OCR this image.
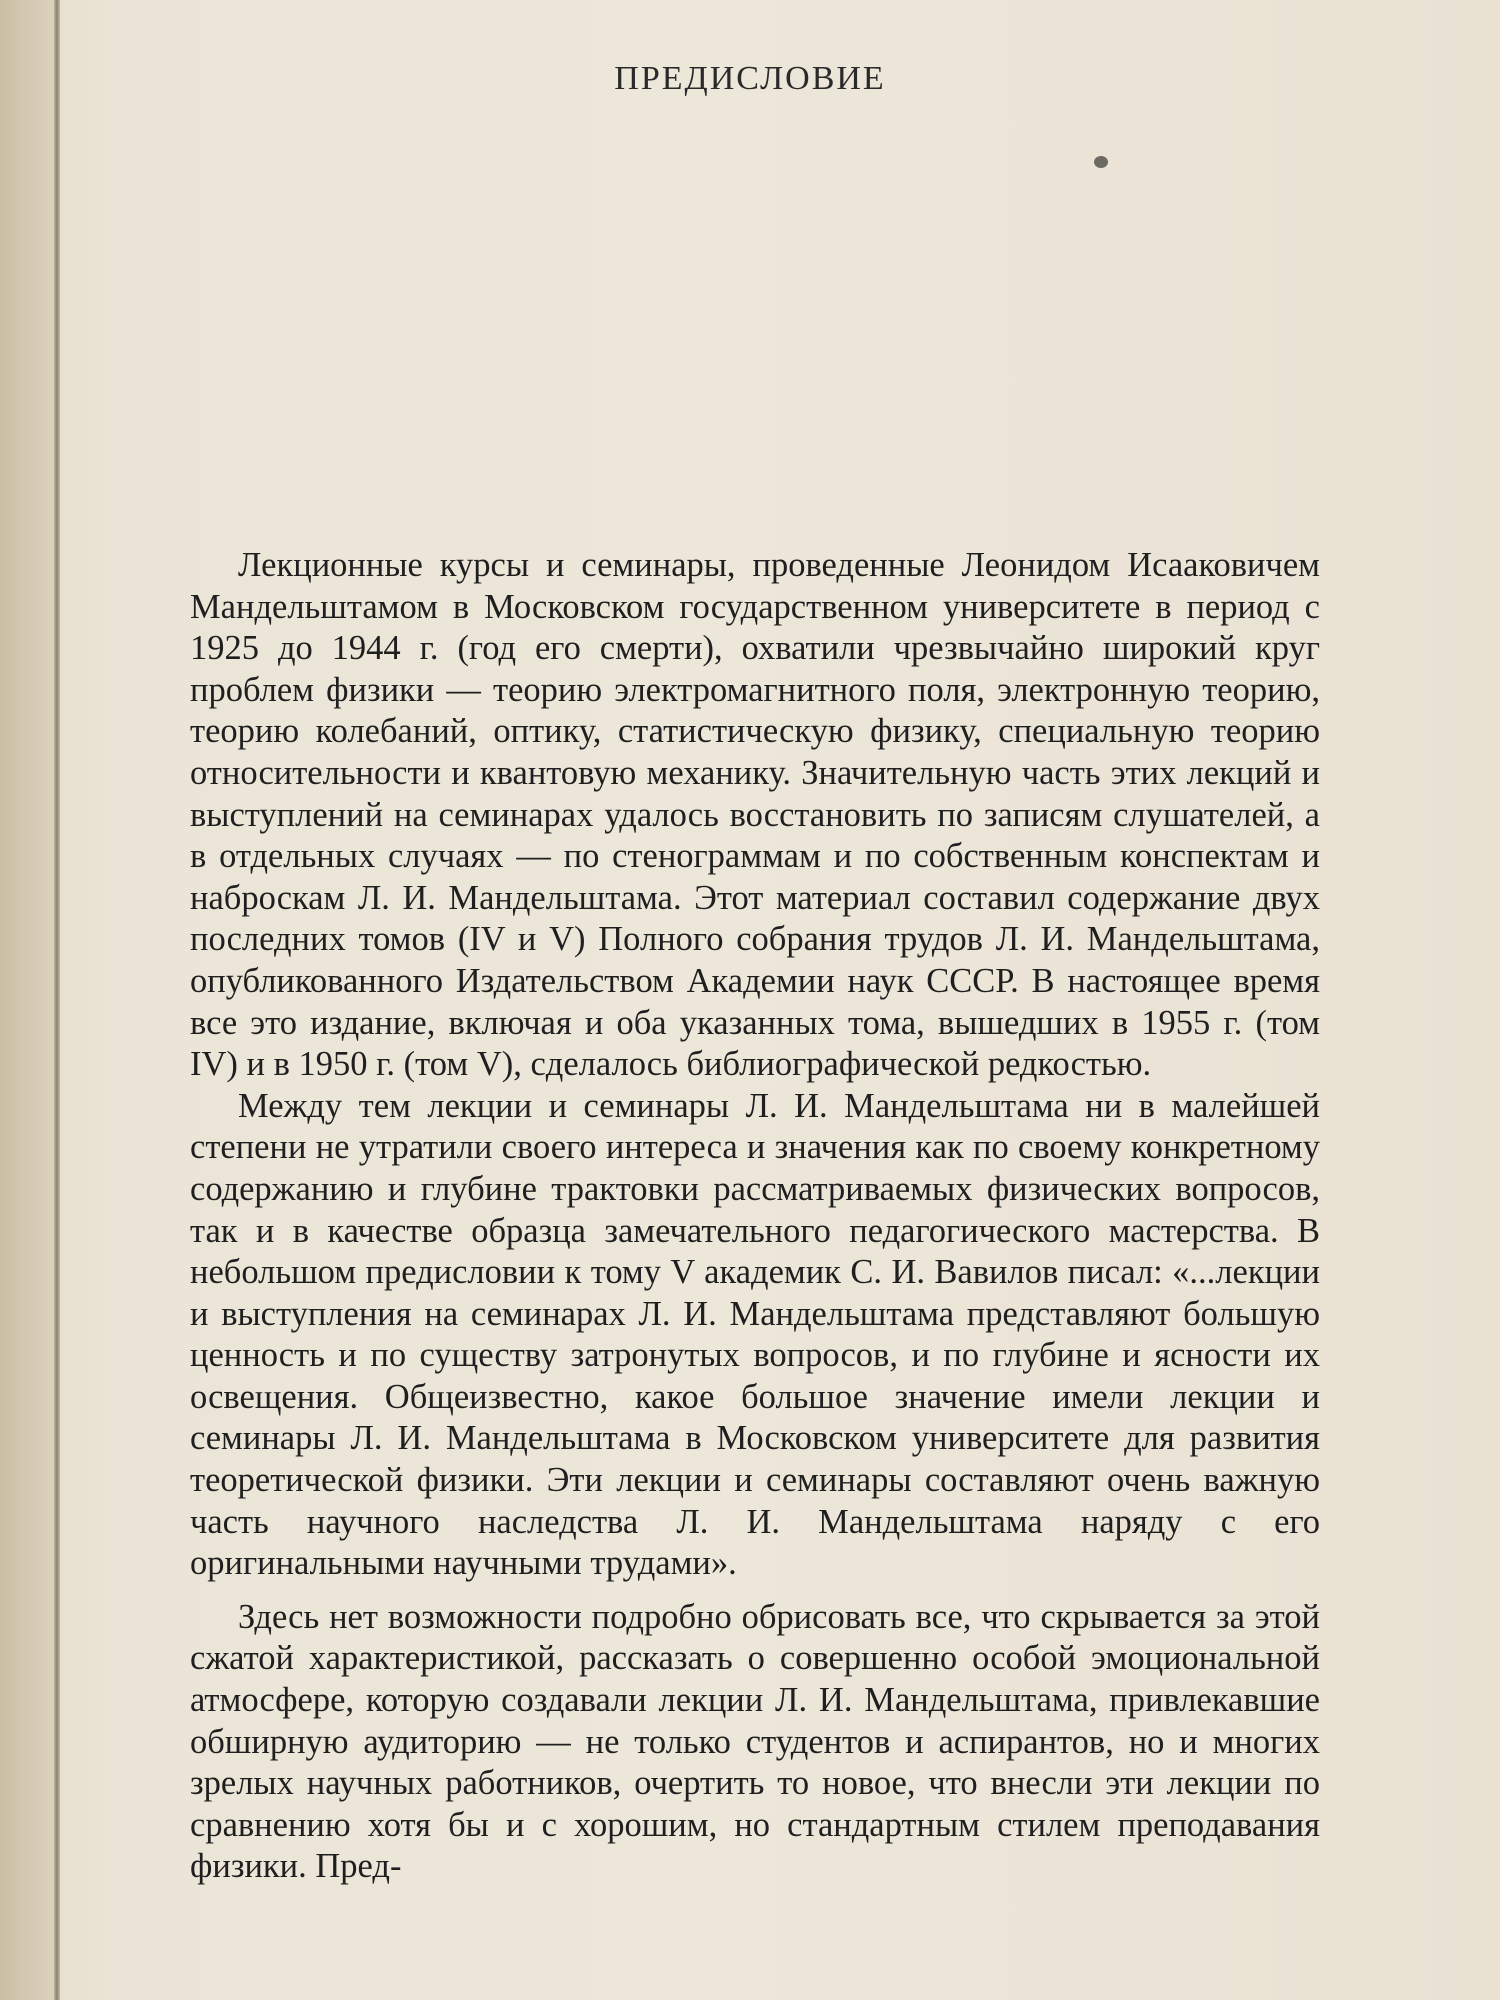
ПРЕДИСЛОВИЕ

Лекционные курсы и семинары, проведенные Леонидом Исааковичем Мандельштамом в Московском государственном университете в период с 1925 до 1944 г. (год его смерти), охватили чрезвычайно широкий круг проблем физики — теорию электромагнитного поля, электронную теорию, теорию колебаний, оптику, статистическую физику, специальную теорию относительности и квантовую механику. Значительную часть этих лекций и выступлений на семинарах удалось восстановить по записям слушателей, а в отдельных случаях — по стенограммам и по собственным конспектам и наброскам Л. И. Мандельштама. Этот материал составил содержание двух последних томов (IV и V) Полного собрания трудов Л. И. Мандельштама, опубликованного Издательством Академии наук СССР. В настоящее время все это издание, включая и оба указанных тома, вышедших в 1955 г. (том IV) и в 1950 г. (том V), сделалось библиографической редкостью.

Между тем лекции и семинары Л. И. Мандельштама ни в малейшей степени не утратили своего интереса и значения как по своему конкретному содержанию и глубине трактовки рассматриваемых физических вопросов, так и в качестве образца замечательного педагогического мастерства. В небольшом предисловии к тому V академик С. И. Вавилов писал: «...лекции и выступления на семинарах Л. И. Мандельштама представляют большую ценность и по существу затронутых вопросов, и по глубине и ясности их освещения. Общеизвестно, какое большое значение имели лекции и семинары Л. И. Мандельштама в Московском университете для развития теоретической физики. Эти лекции и семинары составляют очень важную часть научного наследства Л. И. Мандельштама наряду с его оригинальными научными трудами».

Здесь нет возможности подробно обрисовать все, что скрывается за этой сжатой характеристикой, рассказать о совершенно особой эмоциональной атмосфере, которую создавали лекции Л. И. Мандельштама, привлекавшие обширную аудиторию — не только студентов и аспирантов, но и многих зрелых научных работников, очертить то новое, что внесли эти лекции по сравнению хотя бы и с хорошим, но стандартным стилем преподавания физики. Пред-
